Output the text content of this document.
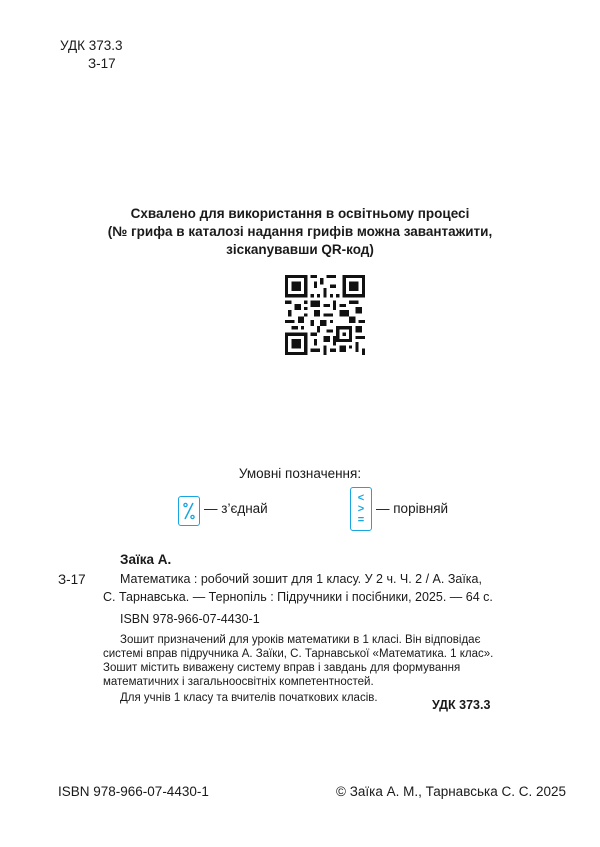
УДК 373.3
З-17
Схвалено для використання в освітньому процесі
(№ грифа в каталозі надання грифів можна завантажити,
зіскanувавши QR-код)
Умовні позначення:
— з’єднай
<
>
=
— порівняй
Заїка А.
З-17	Математика : робочий зошит для 1 класу. У 2 ч. Ч. 2 / А. Заїка,
С. Тарнавська. — Тернопіль : Підручники і посібники, 2025. — 64 с.
ISBN 978-966-07-4430-1
Зошит призначений для уроків математики в 1 класі. Він відповідає
системі вправ підручника А. Заїки, С. Тарнавської «Математика. 1 клас».
Зошит містить виважену систему вправ і завдань для формування
математичних і загальноосвітніх компетентностей.
Для учнів 1 класу та вчителів початкових класів.	УДК 373.3
ISBN 978-966-07-4430-1	© Заїка А. М., Тарнавська С. С. 2025
